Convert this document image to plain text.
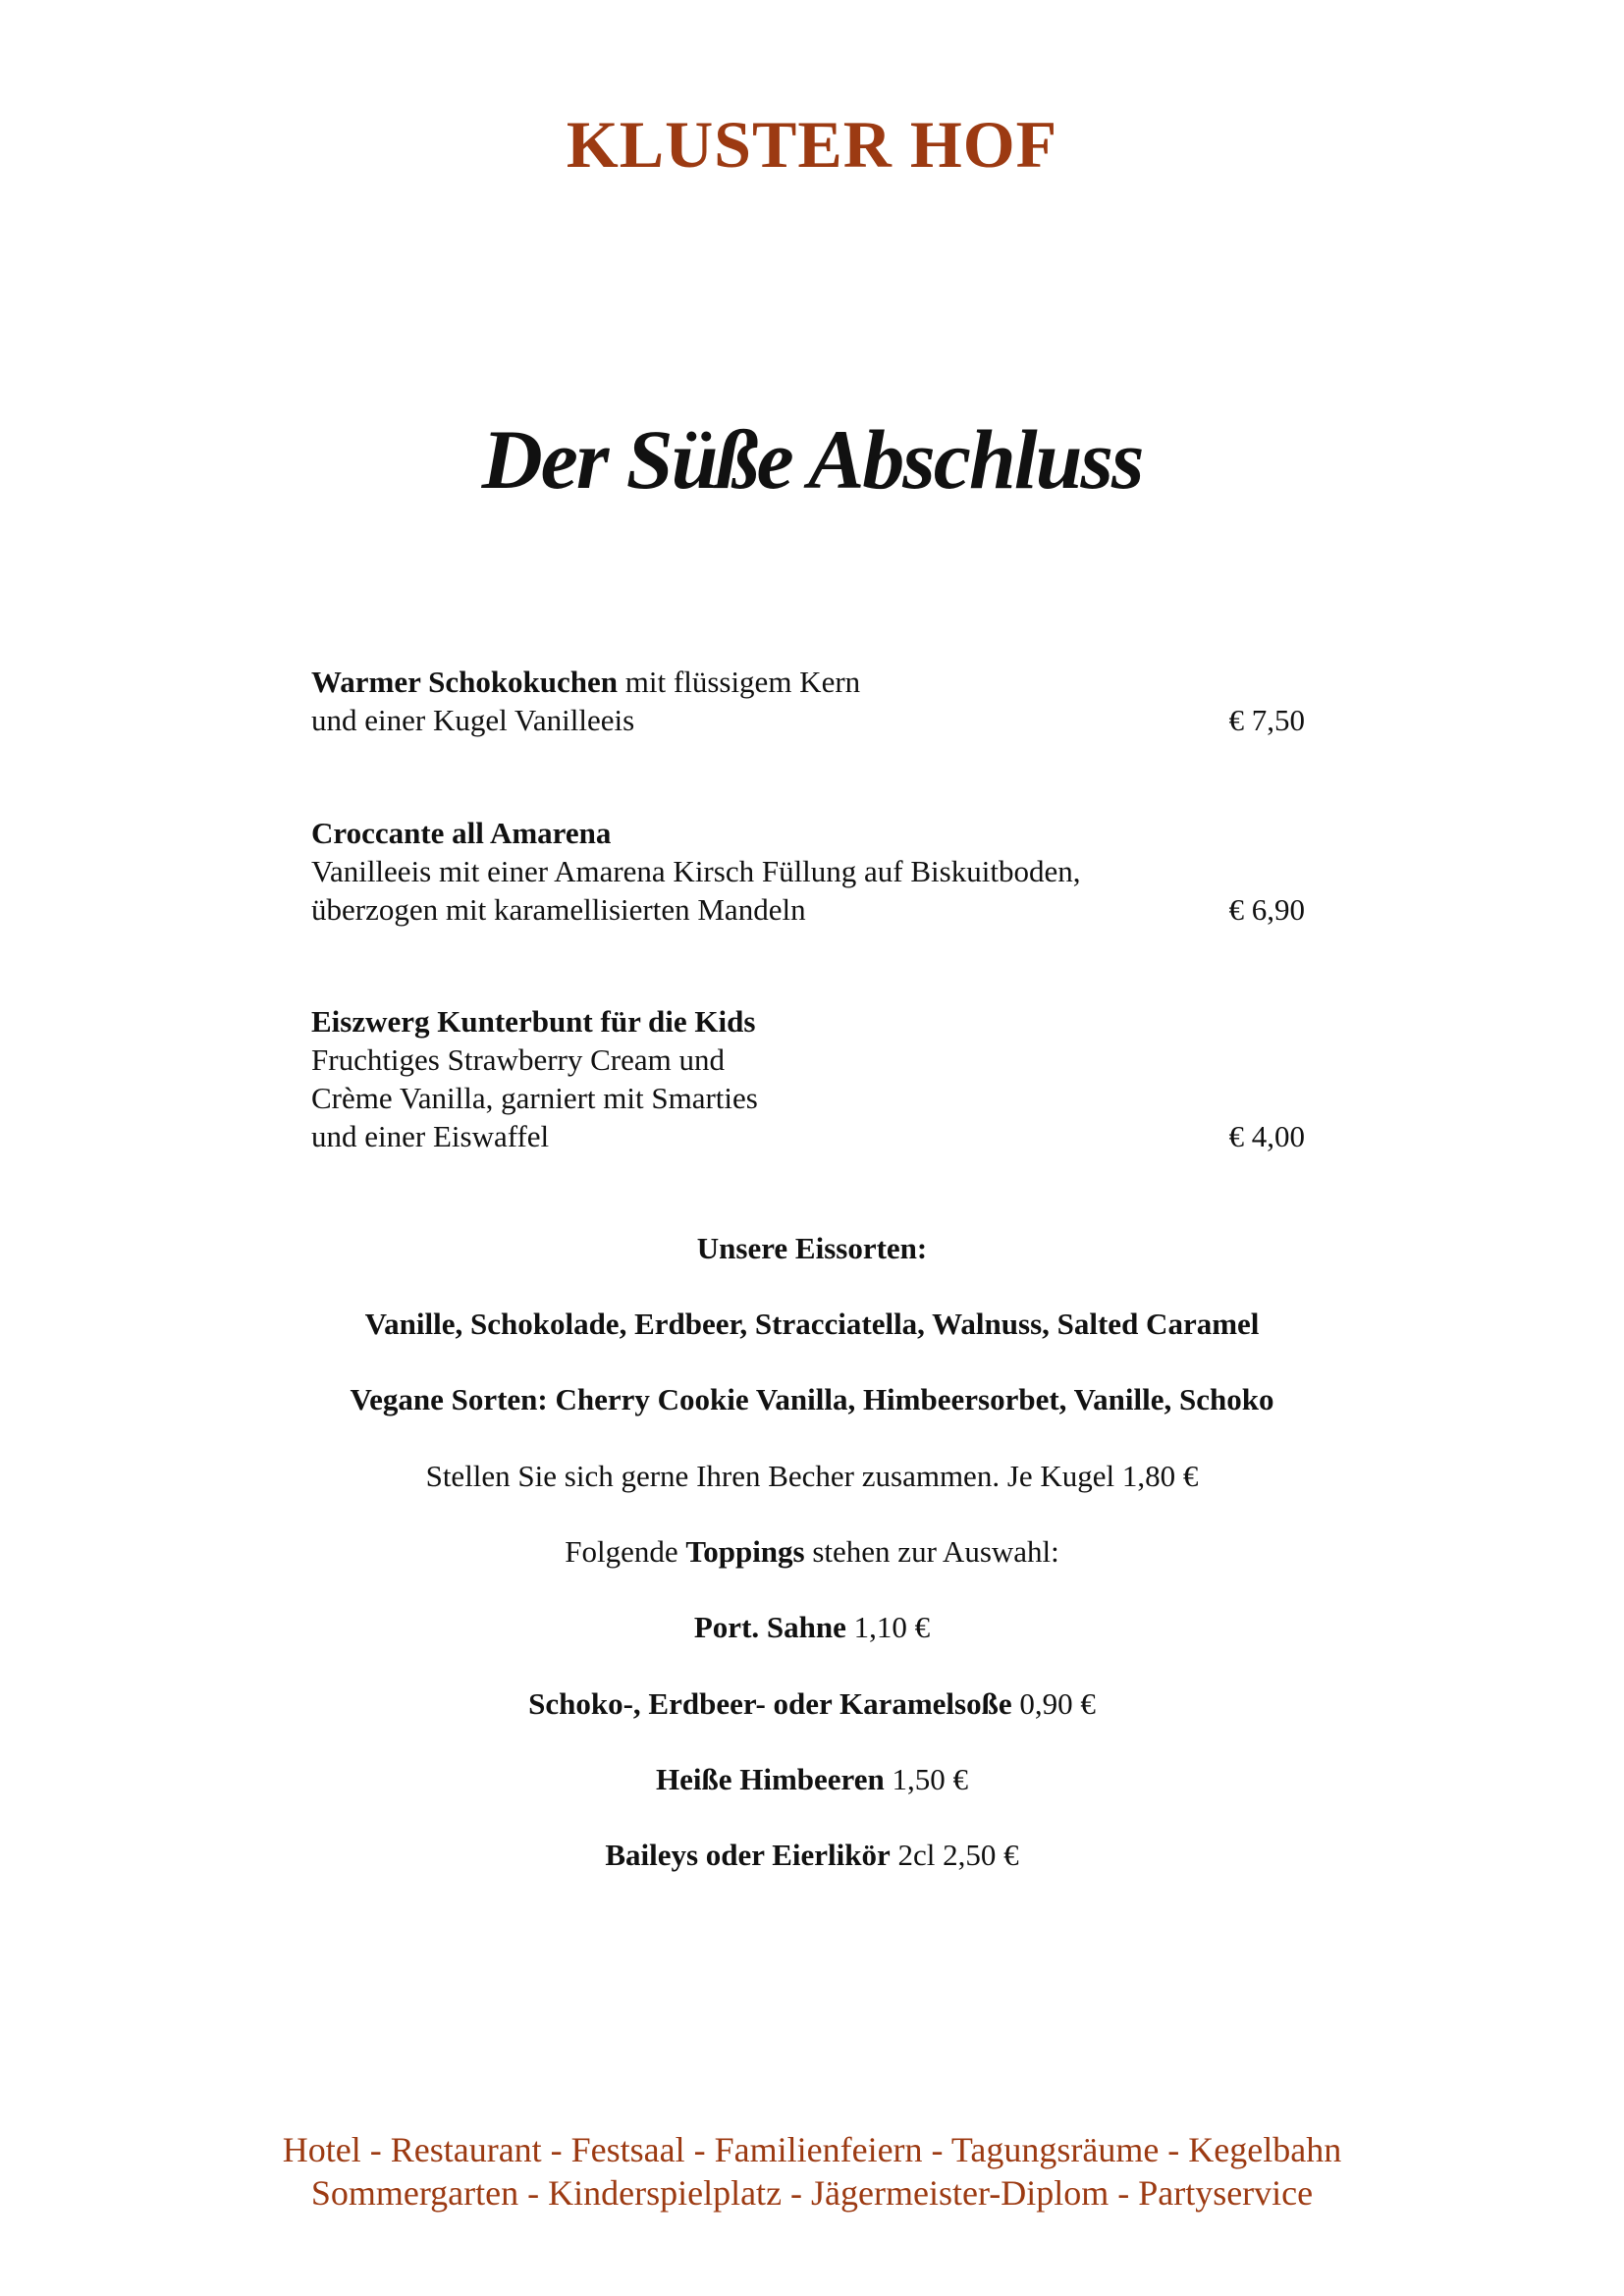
KLUSTER HOF
Der Süße Abschluss
Warmer Schokokuchen mit flüssigem Kern
und einer Kugel Vanilleeis	€ 7,50
Croccante all Amarena
Vanilleeis mit einer Amarena Kirsch Füllung auf Biskuitboden,
überzogen mit karamellisierten Mandeln	€ 6,90
Eiszwerg Kunterbunt für die Kids
Fruchtiges Strawberry Cream und
Crème Vanilla, garniert mit Smarties
und einer Eiswaffel	€ 4,00
Unsere Eissorten:
Vanille, Schokolade, Erdbeer, Stracciatella, Walnuss, Salted Caramel
Vegane Sorten: Cherry Cookie Vanilla, Himbeersorbet, Vanille, Schoko
Stellen Sie sich gerne Ihren Becher zusammen. Je Kugel 1,80 €
Folgende Toppings stehen zur Auswahl:
Port. Sahne 1,10 €
Schoko-, Erdbeer- oder Karamelsoße 0,90 €
Heiße Himbeeren 1,50 €
Baileys oder Eierlikör 2cl 2,50 €
Hotel - Restaurant - Festsaal - Familienfeiern - Tagungsräume - Kegelbahn
Sommergarten - Kinderspielplatz - Jägermeister-Diplom - Partyservice
